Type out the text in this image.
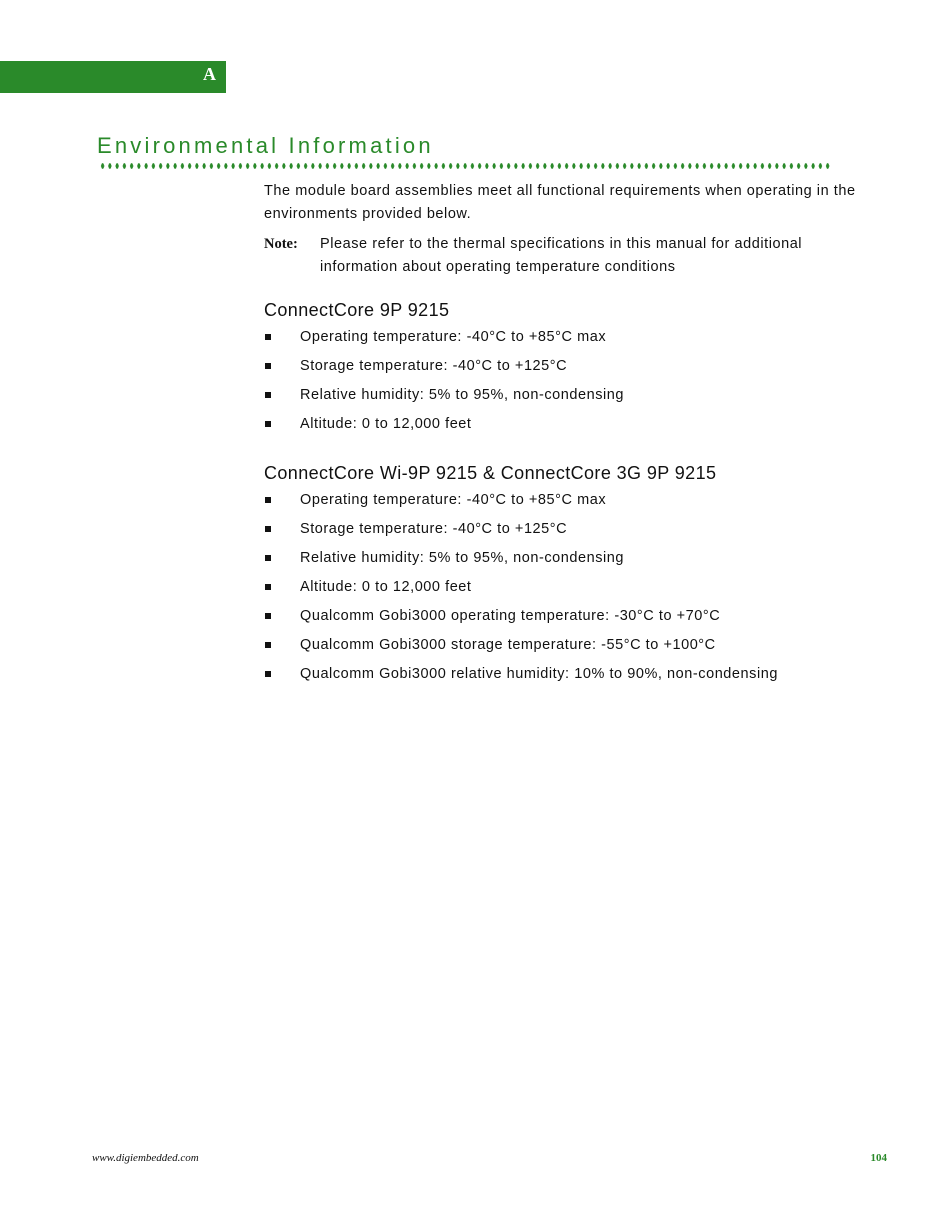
A
Environmental Information

The module board assemblies meet all functional requirements when operating in the environments provided below.

Note:	Please refer to the thermal specifications in this manual for additional information about operating temperature conditions
ConnectCore 9P 9215
Operating temperature: -40°C to +85°C max
Storage temperature: -40°C to +125°C
Relative humidity: 5% to 95%, non-condensing
Altitude: 0 to 12,000 feet
ConnectCore Wi-9P 9215 & ConnectCore 3G 9P 9215
Operating temperature: -40°C to +85°C max
Storage temperature: -40°C to +125°C
Relative humidity: 5% to 95%, non-condensing
Altitude: 0 to 12,000 feet
Qualcomm Gobi3000 operating temperature: -30°C to +70°C
Qualcomm Gobi3000 storage temperature: -55°C to +100°C
Qualcomm Gobi3000 relative humidity: 10% to 90%, non-condensing
www.digiembedded.com	104
